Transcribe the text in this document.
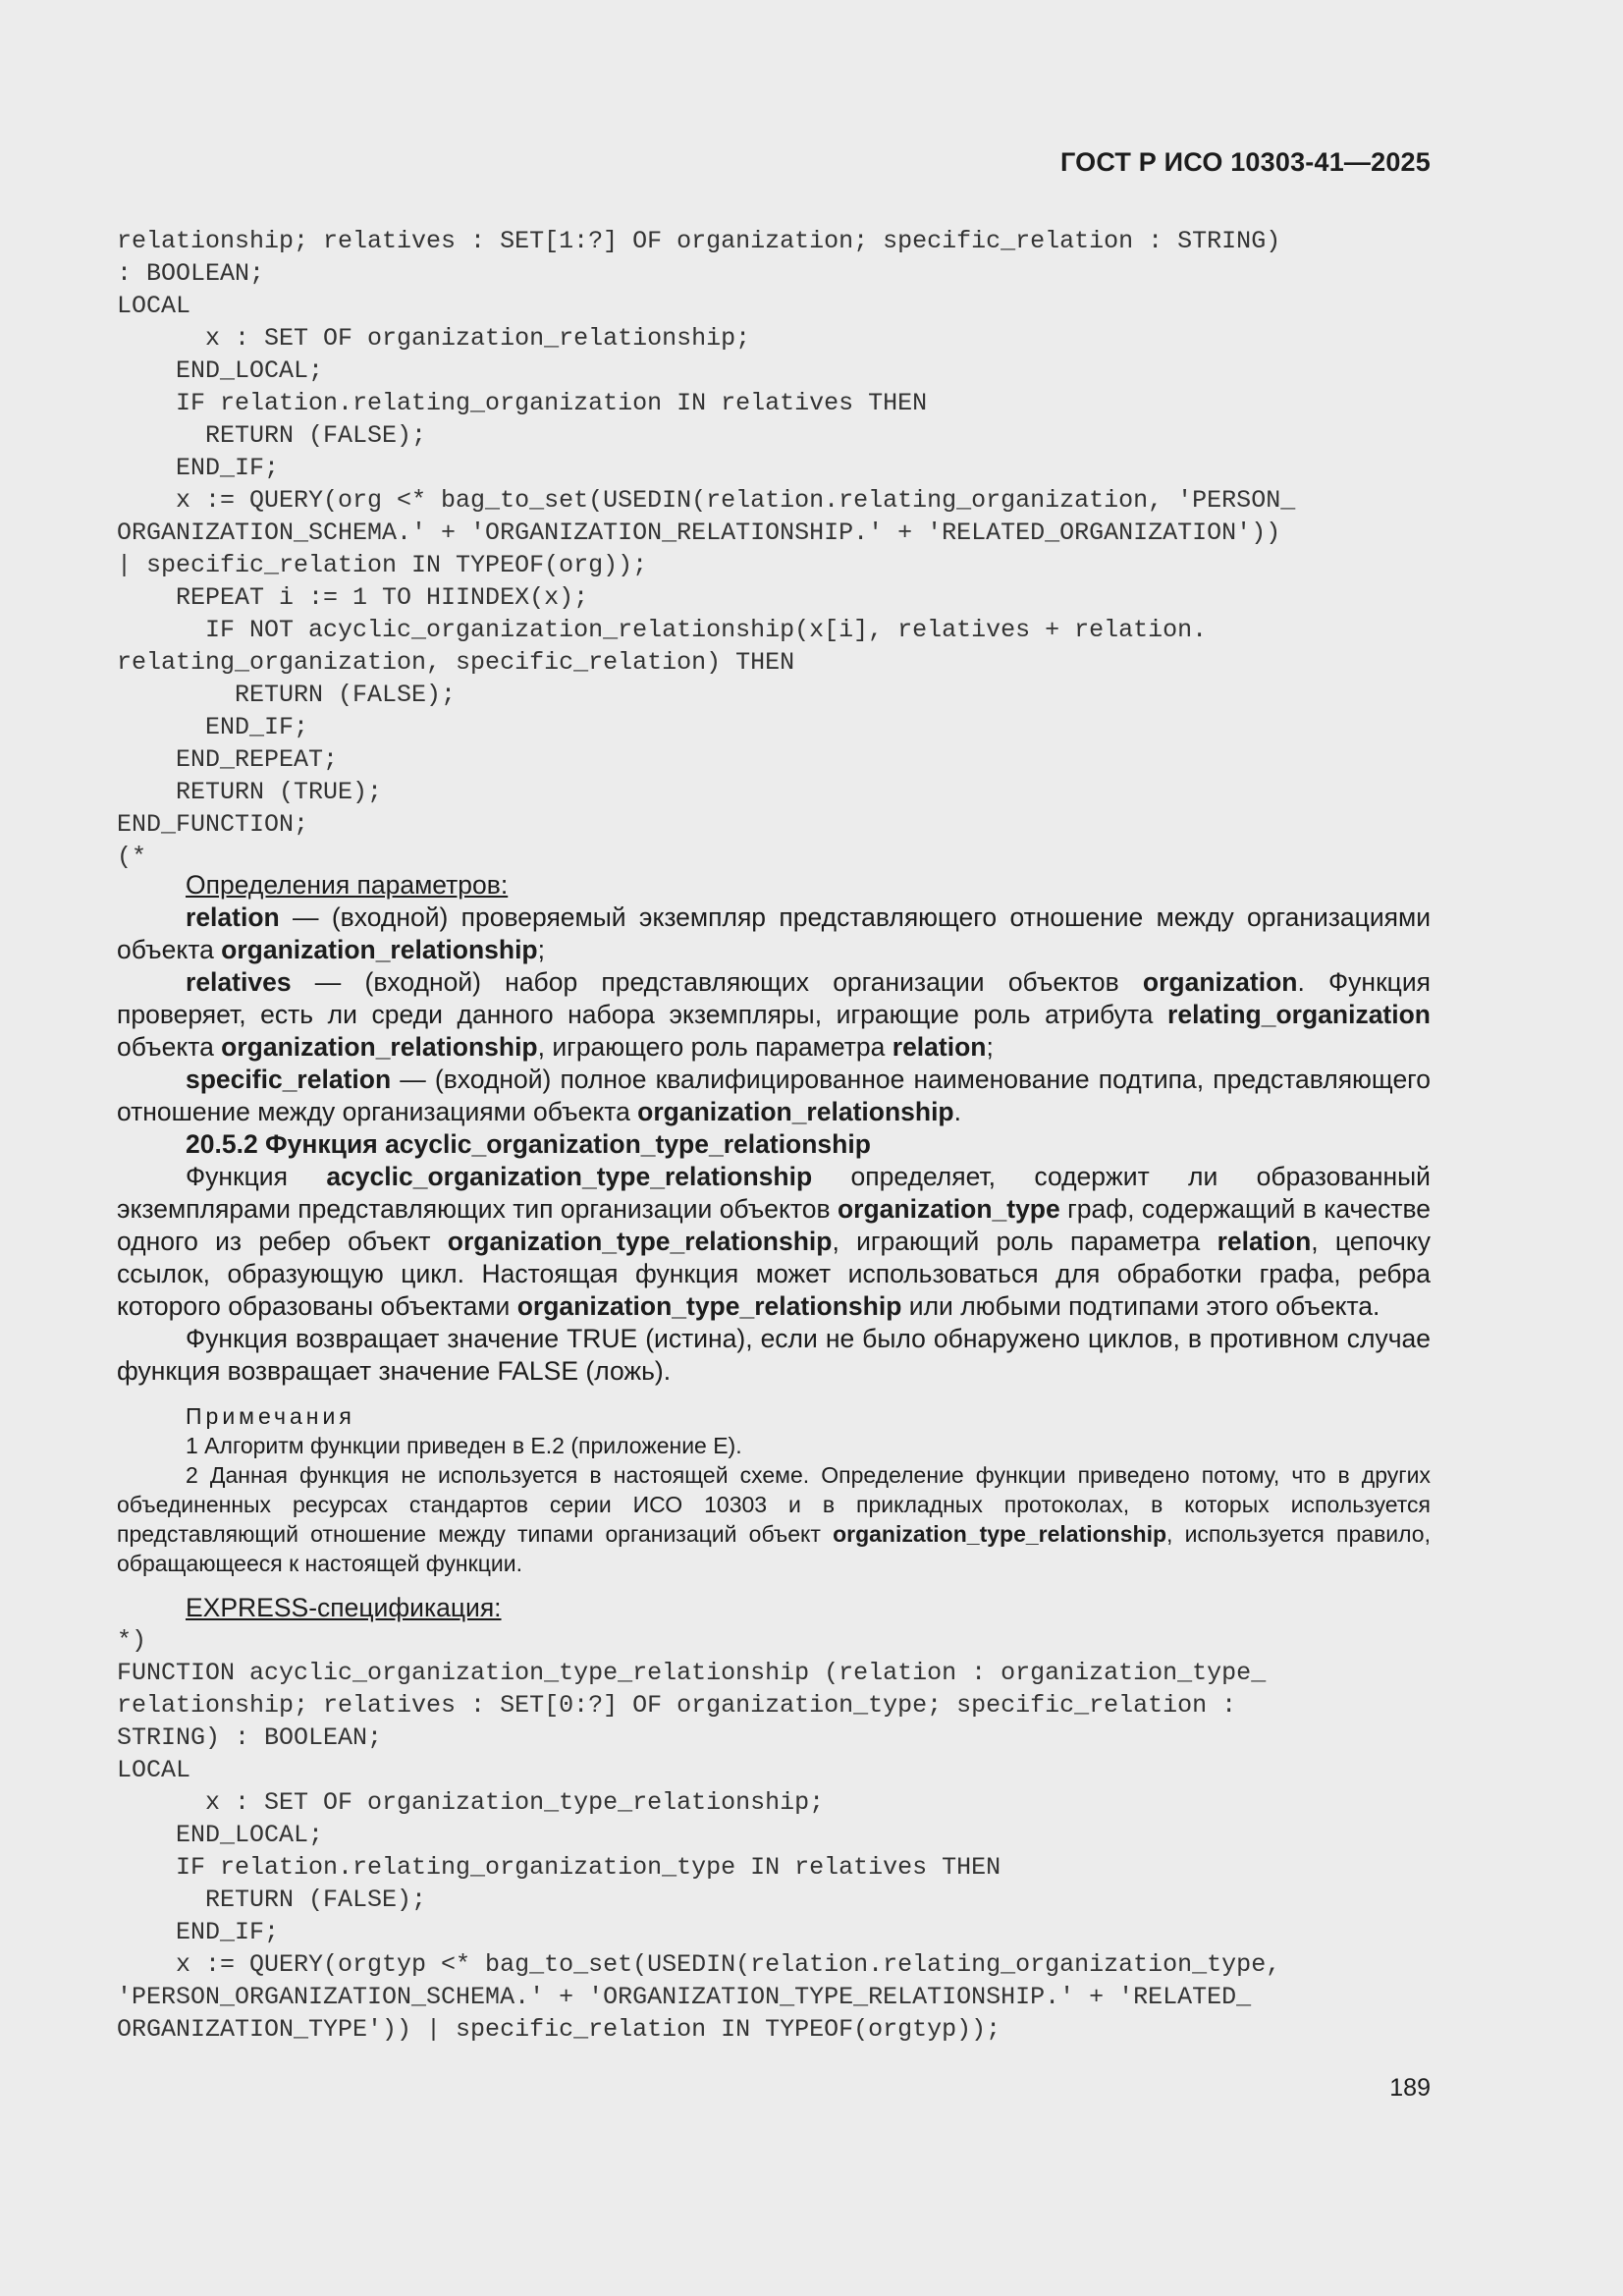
ГОСТ Р ИСО 10303-41—2025
relationship; relatives : SET[1:?] OF organization; specific_relation : STRING)
: BOOLEAN;
LOCAL
x : SET OF organization_relationship;
END_LOCAL;
IF relation.relating_organization IN relatives THEN
RETURN (FALSE);
END_IF;
x := QUERY(org <* bag_to_set(USEDIN(relation.relating_organization, 'PERSON_
ORGANIZATION_SCHEMA.' + 'ORGANIZATION_RELATIONSHIP.' + 'RELATED_ORGANIZATION'))
| specific_relation IN TYPEOF(org));
REPEAT i := 1 TO HIINDEX(x);
IF NOT acyclic_organization_relationship(x[i], relatives + relation.
relating_organization, specific_relation) THEN
RETURN (FALSE);
END_IF;
END_REPEAT;
RETURN (TRUE);
END_FUNCTION;
(*

Определения параметров:

relation — (входной) проверяемый экземпляр представляющего отношение между организациями объекта organization_relationship;

relatives — (входной) набор представляющих организации объектов organization. Функция проверяет, есть ли среди данного набора экземпляры, играющие роль атрибута relating_organization объекта organization_relationship, играющего роль параметра relation;

specific_relation — (входной) полное квалифицированное наименование подтипа, представляющего отношение между организациями объекта organization_relationship.

20.5.2 Функция acyclic_organization_type_relationship

Функция acyclic_organization_type_relationship определяет, содержит ли образованный экземплярами представляющих тип организации объектов organization_type граф, содержащий в качестве одного из ребер объект organization_type_relationship, играющий роль параметра relation, цепочку ссылок, образующую цикл. Настоящая функция может использоваться для обработки графа, ребра которого образованы объектами organization_type_relationship или любыми подтипами этого объекта.

Функция возвращает значение TRUE (истина), если не было обнаружено циклов, в противном случае функция возвращает значение FALSE (ложь).

Примечания

1 Алгоритм функции приведен в Е.2 (приложение Е).

2 Данная функция не используется в настоящей схеме. Определение функции приведено потому, что в других объединенных ресурсах стандартов серии ИСО 10303 и в прикладных протоколах, в которых используется представляющий отношение между типами организаций объект organization_type_relationship, используется правило, обращающееся к настоящей функции.

EXPRESS-спецификация:

*)
FUNCTION acyclic_organization_type_relationship (relation : organization_type_
relationship; relatives : SET[0:?] OF organization_type; specific_relation :
STRING) : BOOLEAN;
LOCAL
x : SET OF organization_type_relationship;
END_LOCAL;
IF relation.relating_organization_type IN relatives THEN
RETURN (FALSE);
END_IF;
x := QUERY(orgtyp <* bag_to_set(USEDIN(relation.relating_organization_type,
'PERSON_ORGANIZATION_SCHEMA.' + 'ORGANIZATION_TYPE_RELATIONSHIP.' + 'RELATED_
ORGANIZATION_TYPE')) | specific_relation IN TYPEOF(orgtyp));
189
